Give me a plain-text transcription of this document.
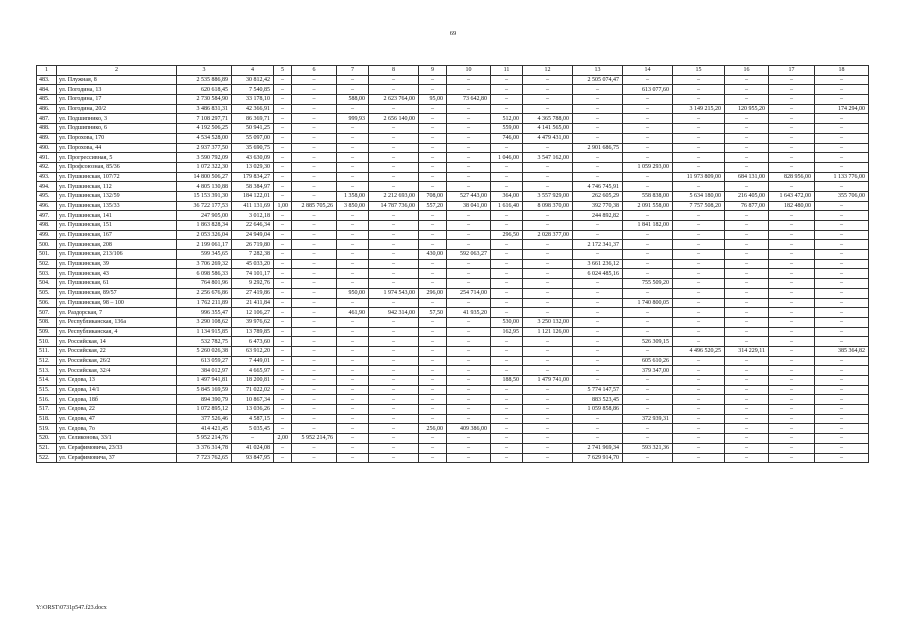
69
1	2	3	4	5	6	7	8	9	10	11	12	13	14	15	16	17	18
483.	ул. Плужная, 8	2 535 886,89	30 812,42	–	–	–	–	–	–	–	–	2 505 074,47	–	–	–	–	–
484.	ул. Погодина, 13	620 618,45	7 540,85	–	–	–	–	–	–	–	–	–	613 077,60	–	–	–	–
485.	ул. Погодина, 17	2 730 584,90	33 178,10	–	–	588,00	2 623 764,00	95,00	73 642,80	–	–	–	–	–	–	–	–
486.	ул. Погодина, 20/2	3 486 831,31	42 366,91	–	–	–	–	–	–	–	–	–	–	3 149 215,20	120 955,20	–	174 294,00
487.	ул. Подшипнико, 3	7 108 297,71	86 369,71	–	–	999,93	2 656 140,00	–	–	512,00	4 365 788,00	–	–	–	–	–	–
488.	ул. Подшипнико, 6	4 192 506,25	50 941,25	–	–	–	–	–	–	559,00	4 141 565,00	–	–	–	–	–	–
489.	ул. Порохова, 170	4 534 528,00	55 097,00	–	–	–	–	–	–	746,00	4 479 431,00	–	–	–	–	–	–
490.	ул. Порохова, 44	2 937 377,50	35 690,75	–	–	–	–	–	–	–	–	2 901 686,75	–	–	–	–	–
491.	ул. Прогрессивная, 5	3 590 792,09	43 630,09	–	–	–	–	–	–	1 046,00	3 547 162,00	–	–	–	–	–	–
492.	ул. Профсоюзная, 85/36	1 072 322,30	13 029,30	–	–	–	–	–	–	–	–	–	1 059 293,00	–	–	–	–
493.	ул. Пушкинская, 107/72	14 800 506,27	179 834,27	–	–	–	–	–	–	–	–	–	–	11 973 809,00	684 131,00	828 956,00	1 133 776,00
494.	ул. Пушкинская, 112	4 805 130,88	58 384,97	–	–	–	–	–	–	–	–	4 746 745,91	–	–	–	–	–
495.	ул. Пушкинская, 132/59	15 153 391,30	184 122,01	–	–	1 358,00	2 212 693,00	708,00	527 443,00	364,00	3 557 929,00	262 605,29	558 838,00	5 634 180,00	216 405,00	1 643 472,00	355 706,00
496.	ул. Пушкинская, 135/33	36 722 177,53	411 131,69	1,00	2 885 705,26	3 850,00	14 787 736,00	557,20	38 041,00	1 616,40	8 098 370,00	392 770,38	2 091 558,00	7 757 508,20	76 877,00	182 480,00	–
497.	ул. Пушкинская, 141	247 905,00	3 012,18	–	–	–	–	–	–	–	–	244 892,82	–	–	–	–	–
498.	ул. Пушкинская, 151	1 863 828,34	22 646,34	–	–	–	–	–	–	–	–	–	1 841 182,00	–	–	–	–
499.	ул. Пушкинская, 167	2 053 326,04	24 949,04	–	–	–	–	–	–	296,50	2 028 377,00	–	–	–	–	–	–
500.	ул. Пушкинская, 208	2 199 061,17	26 719,80	–	–	–	–	–	–	–	–	2 172 341,37	–	–	–	–	–
501.	ул. Пушкинская, 213/106	599 345,65	7 282,38	–	–	–	–	430,00	592 063,27	–	–	–	–	–	–	–	–
502.	ул. Пушкинская, 39	3 706 269,32	45 033,20	–	–	–	–	–	–	–	–	3 661 236,12	–	–	–	–	–
503.	ул. Пушкинская, 43	6 098 586,33	74 101,17	–	–	–	–	–	–	–	–	6 024 485,16	–	–	–	–	–
504.	ул. Пушкинская, 61	764 801,96	9 292,76	–	–	–	–	–	–	–	–	–	755 509,20	–	–	–	–
505.	ул. Пушкинская, 89/57	2 256 676,86	27 419,86	–	–	950,00	1 974 543,00	296,00	254 714,00	–	–	–	–	–	–	–	–
506.	ул. Пушкинская, 98 – 100	1 762 211,89	21 411,84	–	–	–	–	–	–	–	–	–	1 740 800,05	–	–	–	–
507.	ул. Раздорская, 7	996 355,47	12 106,27	–	–	461,90	942 314,00	57,50	41 935,20	–	–	–	–	–	–	–	–
508.	ул. Республиканская, 136а	3 290 108,62	39 976,62	–	–	–	–	–	–	530,00	3 250 132,00	–	–	–	–	–	–
509.	ул. Республиканская, 4	1 134 915,85	13 789,85	–	–	–	–	–	–	162,95	1 121 126,00	–	–	–	–	–	–
510.	ул. Российская, 14	532 782,75	6 473,60	–	–	–	–	–	–	–	–	–	526 309,15	–	–	–	–
511.	ул. Российская, 22	5 260 026,38	63 912,20	–	–	–	–	–	–	–	–	–	–	4 496 520,25	314 229,11	–	385 364,82
512.	ул. Российская, 26/2	613 059,27	7 449,01	–	–	–	–	–	–	–	–	–	605 610,26	–	–	–	–
513.	ул. Российская, 32/4	384 012,97	4 665,97	–	–	–	–	–	–	–	–	–	379 347,00	–	–	–	–
514.	ул. Седова, 13	1 497 941,81	18 200,81	–	–	–	–	–	–	188,50	1 479 741,00	–	–	–	–	–	–
515.	ул. Седова, 14/1	5 845 169,59	71 022,02	–	–	–	–	–	–	–	–	5 774 147,57	–	–	–	–	–
516.	ул. Седова, 18б	894 390,79	10 867,34	–	–	–	–	–	–	–	–	883 523,45	–	–	–	–	–
517.	ул. Седова, 22	1 072 895,12	13 036,26	–	–	–	–	–	–	–	–	1 059 858,86	–	–	–	–	–
518.	ул. Седова, 47	377 526,46	4 587,15	–	–	–	–	–	–	–	–	–	372 939,31	–	–	–	–
519.	ул. Седова, 7о	414 421,45	5 035,45	–	–	–	–	256,00	409 386,00	–	–	–	–	–	–	–	–
520.	ул. Селиконова, 33/1	5 952 214,76	–	2,00	5 952 214,76	–	–	–	–	–	–	–	–	–	–	–	–
521.	ул. Серафимовича, 23/33	3 376 314,78	41 024,08	–	–	–	–	–	–	–	–	2 741 969,34	593 321,36	–	–	–	–
522.	ул. Серафимовича, 37	7 723 762,65	93 847,95	–	–	–	–	–	–	–	–	7 629 914,70	–	–	–	–	–
Y:\ORST\0731p547.f23.docx
